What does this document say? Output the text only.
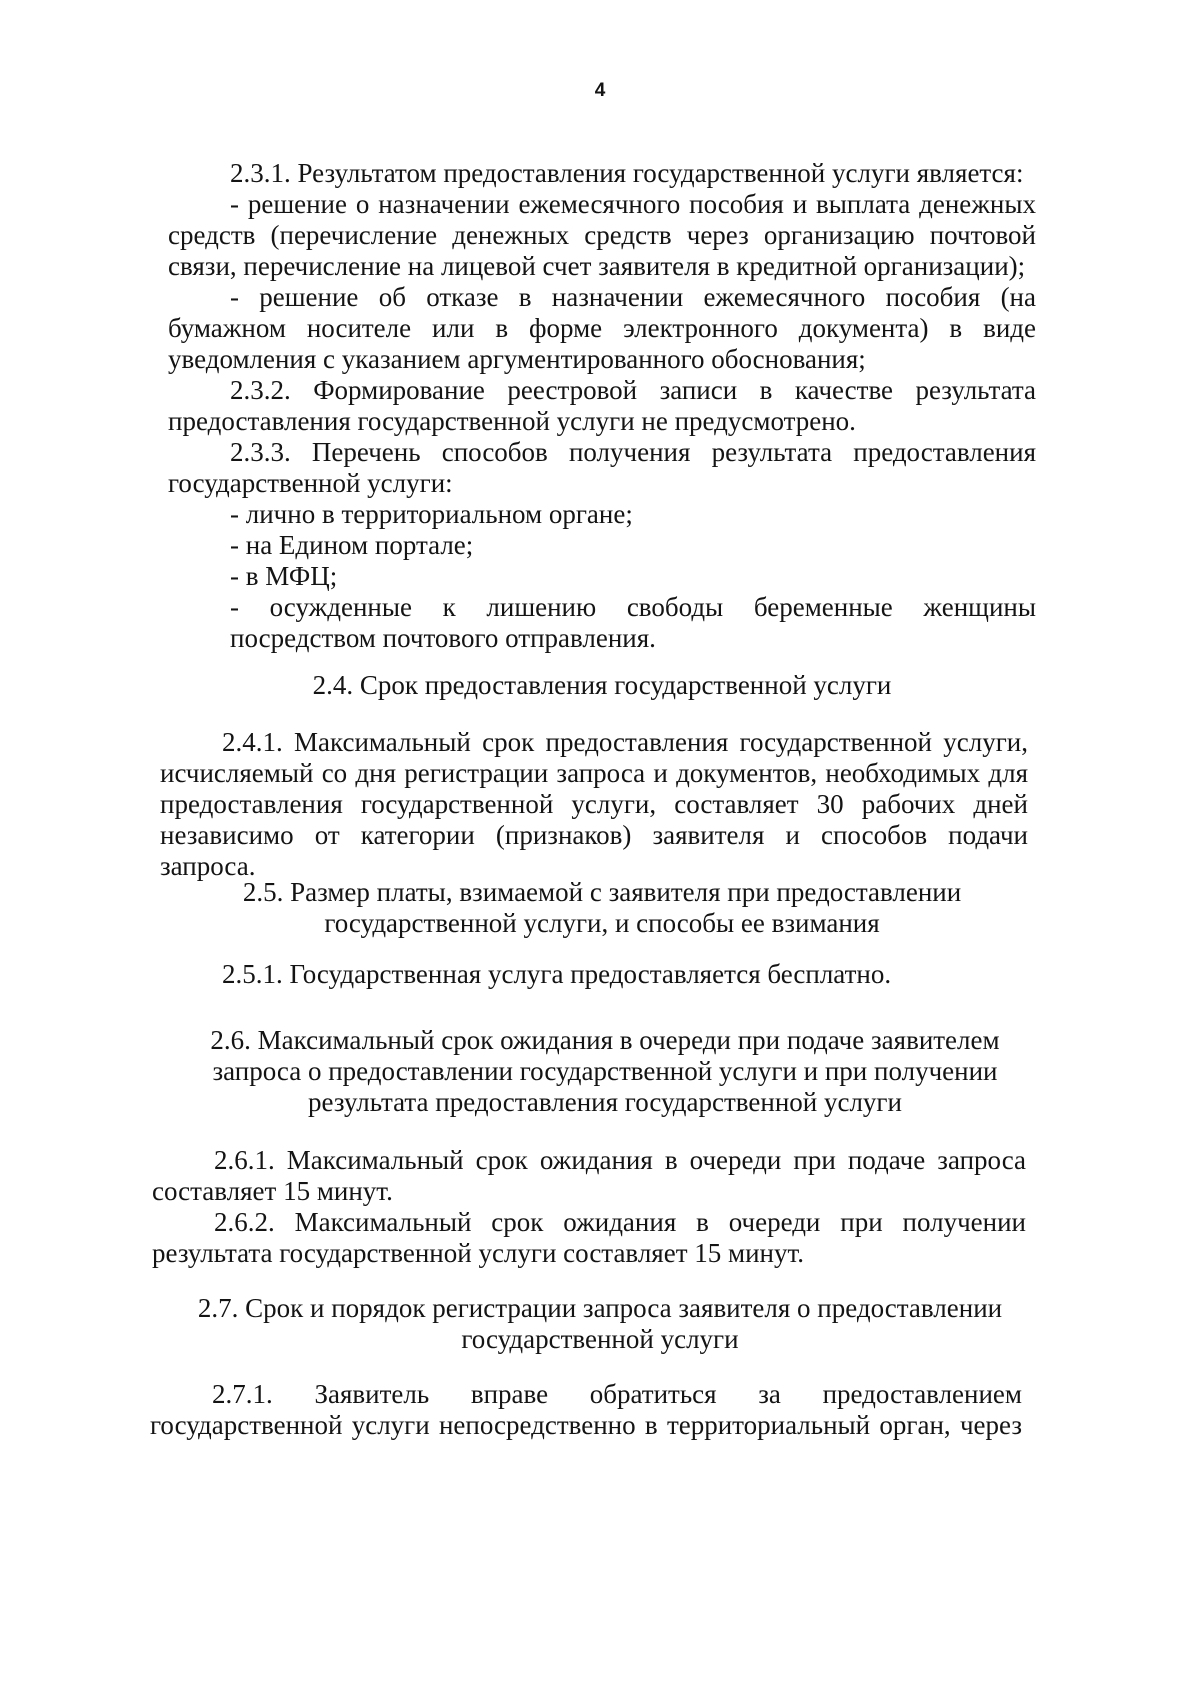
4

2.3.1. Результатом предоставления государственной услуги является:

- решение о назначении ежемесячного пособия и выплата денежных средств (перечисление денежных средств через организацию почтовой связи, перечисление на лицевой счет заявителя в кредитной организации);

- решение об отказе в назначении ежемесячного пособия (на бумажном носителе или в форме электронного документа) в виде уведомления с указанием аргументированного обоснования;

2.3.2. Формирование реестровой записи в качестве результата предоставления государственной услуги не предусмотрено.

2.3.3. Перечень способов получения результата предоставления государственной услуги:

- лично в территориальном органе;

- на Едином портале;

- в МФЦ;

- осужденные к лишению свободы беременные женщины посредством почтового отправления.

2.4. Срок предоставления государственной услуги

2.4.1. Максимальный срок предоставления государственной услуги, исчисляемый со дня регистрации запроса и документов, необходимых для предоставления государственной услуги, составляет 30 рабочих дней независимо от категории (признаков) заявителя и способов подачи запроса.

2.5. Размер платы, взимаемой с заявителя при предоставлении

государственной услуги, и способы ее взимания

2.5.1. Государственная услуга предоставляется бесплатно.

2.6. Максимальный срок ожидания в очереди при подаче заявителем

запроса о предоставлении государственной услуги и при получении

результата предоставления государственной услуги

2.6.1. Максимальный срок ожидания в очереди при подаче запроса составляет 15 минут.

2.6.2. Максимальный срок ожидания в очереди при получении результата государственной услуги составляет 15 минут.

2.7. Срок и порядок регистрации запроса заявителя о предоставлении

государственной услуги

2.7.1. Заявитель вправе обратиться за предоставлением государственной услуги непосредственно в территориальный орган, через
